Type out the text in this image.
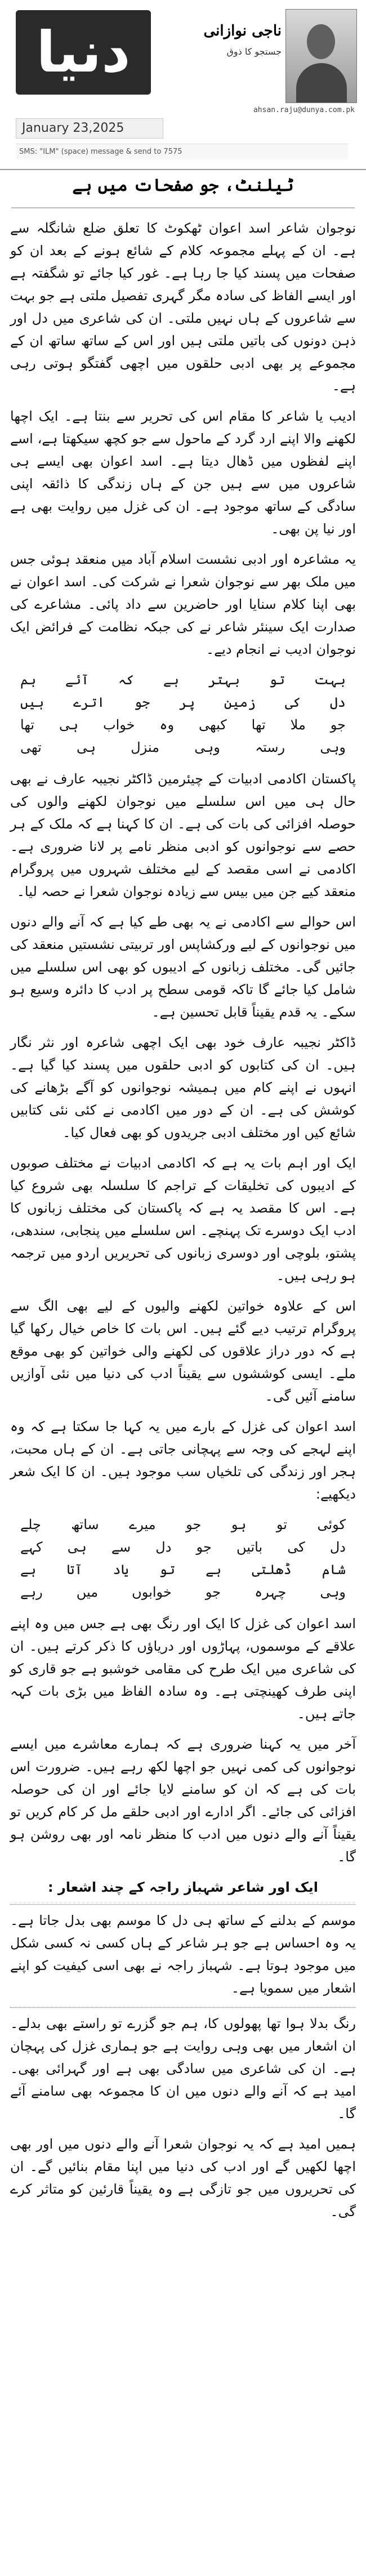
دنیا
January 23,2025
SMS: "ILM" (space) message & send to 7575
ناجی نوازانی
جستجو کا ذوق
ahsan.raju@dunya.com.pk
ٹیلنٹ، جو صفحات میں ہے

نوجوان شاعر اسد اعوان ٹھکوٹ کا تعلق ضلع شانگلہ سے ہے۔ ان کے پہلے مجموعہ کلام کے شائع ہونے کے بعد ان کو صفحات میں پسند کیا جا رہا ہے۔ غور کیا جائے تو شگفتہ ہے اور ایسے الفاظ کی سادہ مگر گہری تفصیل ملتی ہے جو بہت سے شاعروں کے ہاں نہیں ملتی۔ ان کی شاعری میں دل اور ذہن دونوں کی باتیں ملتی ہیں اور اس کے ساتھ ساتھ ان کے مجموعے پر بھی ادبی حلقوں میں اچھی گفتگو ہوتی رہی ہے۔

ادیب یا شاعر کا مقام اس کی تحریر سے بنتا ہے۔ ایک اچھا لکھنے والا اپنے ارد گرد کے ماحول سے جو کچھ سیکھتا ہے، اسے اپنے لفظوں میں ڈھال دیتا ہے۔ اسد اعوان بھی ایسے ہی شاعروں میں سے ہیں جن کے ہاں زندگی کا ذائقہ اپنی سادگی کے ساتھ موجود ہے۔ ان کی غزل میں روایت بھی ہے اور نیا پن بھی۔

یہ مشاعرہ اور ادبی نشست اسلام آباد میں منعقد ہوئی جس میں ملک بھر سے نوجوان شعرا نے شرکت کی۔ اسد اعوان نے بھی اپنا کلام سنایا اور حاضرین سے داد پائی۔ مشاعرے کی صدارت ایک سینئر شاعر نے کی جبکہ نظامت کے فرائض ایک نوجوان ادیب نے انجام دیے۔

بہت تو بہتر ہے کہ آئے ہم
دل کی زمین پر جو اترے ہیں
جو ملا تھا کبھی وہ خواب ہی تھا
وہی رستہ وہی منزل ہی تھی

پاکستان اکادمی ادبیات کے چیئرمین ڈاکٹر نجیبہ عارف نے بھی حال ہی میں اس سلسلے میں نوجوان لکھنے والوں کی حوصلہ افزائی کی بات کی ہے۔ ان کا کہنا ہے کہ ملک کے ہر حصے سے نوجوانوں کو ادبی منظر نامے پر لانا ضروری ہے۔ اکادمی نے اسی مقصد کے لیے مختلف شہروں میں پروگرام منعقد کیے جن میں بیس سے زیادہ نوجوان شعرا نے حصہ لیا۔

اس حوالے سے اکادمی نے یہ بھی طے کیا ہے کہ آنے والے دنوں میں نوجوانوں کے لیے ورکشاپس اور تربیتی نشستیں منعقد کی جائیں گی۔ مختلف زبانوں کے ادیبوں کو بھی اس سلسلے میں شامل کیا جائے گا تاکہ قومی سطح پر ادب کا دائرہ وسیع ہو سکے۔ یہ قدم یقیناً قابل تحسین ہے۔

ڈاکٹر نجیبہ عارف خود بھی ایک اچھی شاعرہ اور نثر نگار ہیں۔ ان کی کتابوں کو ادبی حلقوں میں پسند کیا گیا ہے۔ انہوں نے اپنے کام میں ہمیشہ نوجوانوں کو آگے بڑھانے کی کوشش کی ہے۔ ان کے دور میں اکادمی نے کئی نئی کتابیں شائع کیں اور مختلف ادبی جریدوں کو بھی فعال کیا۔

ایک اور اہم بات یہ ہے کہ اکادمی ادبیات نے مختلف صوبوں کے ادیبوں کی تخلیقات کے تراجم کا سلسلہ بھی شروع کیا ہے۔ اس کا مقصد یہ ہے کہ پاکستان کی مختلف زبانوں کا ادب ایک دوسرے تک پہنچے۔ اس سلسلے میں پنجابی، سندھی، پشتو، بلوچی اور دوسری زبانوں کی تحریریں اردو میں ترجمہ ہو رہی ہیں۔

اس کے علاوہ خواتین لکھنے والیوں کے لیے بھی الگ سے پروگرام ترتیب دیے گئے ہیں۔ اس بات کا خاص خیال رکھا گیا ہے کہ دور دراز علاقوں کی لکھنے والی خواتین کو بھی موقع ملے۔ ایسی کوششوں سے یقیناً ادب کی دنیا میں نئی آوازیں سامنے آئیں گی۔

اسد اعوان کی غزل کے بارے میں یہ کہا جا سکتا ہے کہ وہ اپنے لہجے کی وجہ سے پہچانی جاتی ہے۔ ان کے ہاں محبت، ہجر اور زندگی کی تلخیاں سب موجود ہیں۔ ان کا ایک شعر دیکھیے:

کوئی تو ہو جو میرے ساتھ چلے
دل کی باتیں جو دل سے ہی کہے
شام ڈھلتی ہے تو یاد آتا ہے
وہی چہرہ جو خوابوں میں رہے

اسد اعوان کی غزل کا ایک اور رنگ بھی ہے جس میں وہ اپنے علاقے کے موسموں، پہاڑوں اور دریاؤں کا ذکر کرتے ہیں۔ ان کی شاعری میں ایک طرح کی مقامی خوشبو ہے جو قاری کو اپنی طرف کھینچتی ہے۔ وہ سادہ الفاظ میں بڑی بات کہہ جاتے ہیں۔

آخر میں یہ کہنا ضروری ہے کہ ہمارے معاشرے میں ایسے نوجوانوں کی کمی نہیں جو اچھا لکھ رہے ہیں۔ ضرورت اس بات کی ہے کہ ان کو سامنے لایا جائے اور ان کی حوصلہ افزائی کی جائے۔ اگر ادارے اور ادبی حلقے مل کر کام کریں تو یقیناً آنے والے دنوں میں ادب کا منظر نامہ اور بھی روشن ہو گا۔

ایک اور شاعر شہباز راجہ کے چند اشعار :

موسم کے بدلنے کے ساتھ ہی دل کا موسم بھی بدل جاتا ہے۔ یہ وہ احساس ہے جو ہر شاعر کے ہاں کسی نہ کسی شکل میں موجود ہوتا ہے۔ شہباز راجہ نے بھی اسی کیفیت کو اپنے اشعار میں سمویا ہے۔

رنگ بدلا ہوا تھا پھولوں کا، ہم جو گزرے تو راستے بھی بدلے۔ ان اشعار میں بھی وہی روایت ہے جو ہماری غزل کی پہچان ہے۔ ان کی شاعری میں سادگی بھی ہے اور گہرائی بھی۔ امید ہے کہ آنے والے دنوں میں ان کا مجموعہ بھی سامنے آئے گا۔

ہمیں امید ہے کہ یہ نوجوان شعرا آنے والے دنوں میں اور بھی اچھا لکھیں گے اور ادب کی دنیا میں اپنا مقام بنائیں گے۔ ان کی تحریروں میں جو تازگی ہے وہ یقیناً قارئین کو متاثر کرے گی۔
